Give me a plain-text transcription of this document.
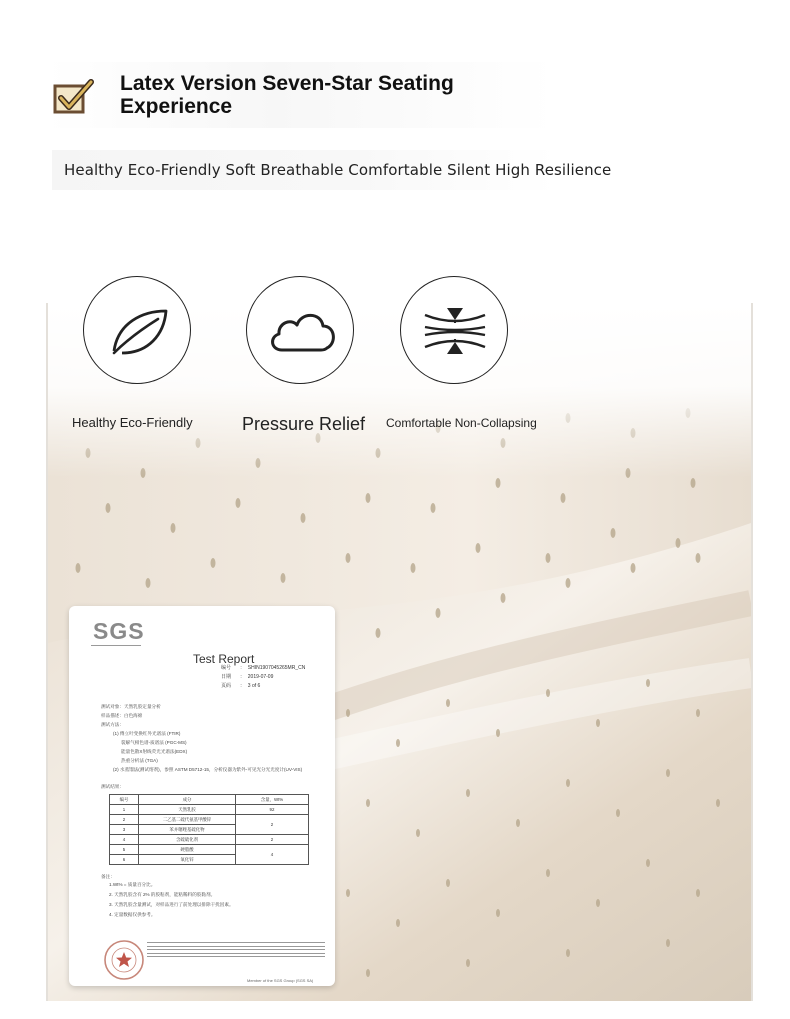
Latex Version Seven-Star Seating Experience
Healthy Eco-Friendly Soft Breathable Comfortable Silent High Resilience
Healthy Eco-Friendly	Pressure Relief Comfortable Non-Collapsing
SGS
Test Report
编号 : SHIN1907045265MR_CN
日期 : 2019-07-09
页码 : 3 of 6
测试对象：天然乳胶定量分析
样品描述：白色海绵
测试方法：
(1) 傅立叶变换红外光谱法 (FTIR)
裂解气相色谱-质谱法 (PGC-MS)
能量色散X射线荧光光谱法(EDX)
热重分析法 (TGA)
(2) 水蒸馏法(测试熔剂)，参照 ASTM D5712-15，分析仪器为紫外-可见光分光光度计(UV-VIS)
测试结果：
编号	成分	含量，Wt%
1	天然乳胶	92
2	二乙基二硫代氨基甲酸锌	2
3	苯并噻唑基硫化物	
4	含硫硫化剂	2
5	硬脂酸	4
6	氧化锌	
备注：
1.Wt% = 质量百分比。
2. 天然乳胶含有 2% 的胶粘剂，能粘稀料的胶黏剂。
3. 天然乳胶含量测试，对样品进行了前处理以排除干扰因素。
4. 定量数据仅供参考。
Member of the SGS Group (SGS SA)
